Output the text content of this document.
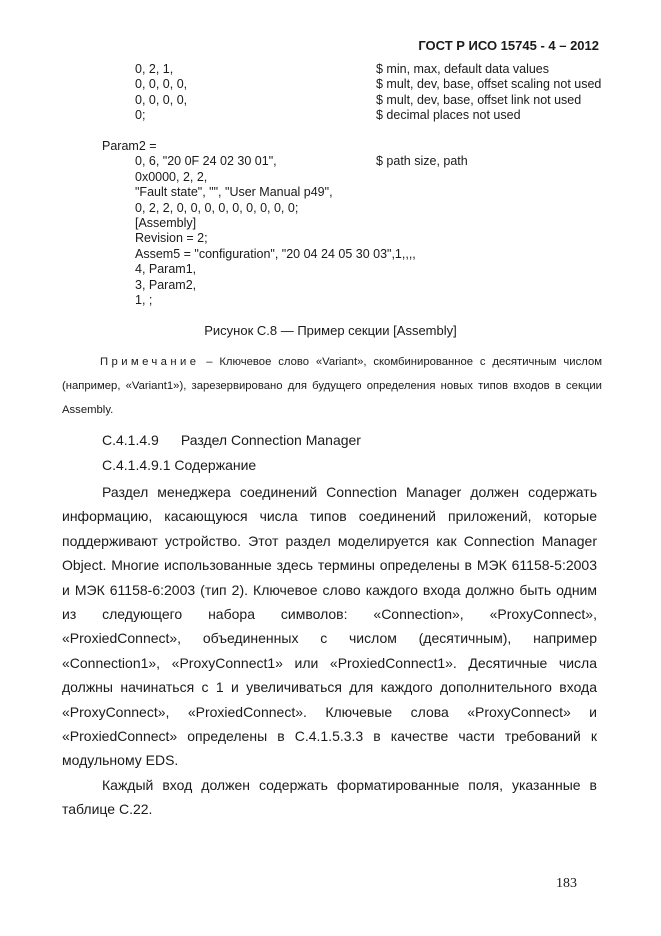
ГОСТ Р ИСО 15745 - 4 – 2012
0, 2, 1,	$ min, max, default data values
0, 0, 0, 0,	$ mult, dev, base, offset scaling not used
0, 0, 0, 0,	$ mult, dev, base, offset link not used
0;	$ decimal places not used
Param2 =
0, 6, "20 0F 24 02 30 01",	$ path size, path
0x0000, 2, 2,
"Fault state", "", "User Manual p49",
0, 2, 2, 0, 0, 0, 0, 0, 0, 0, 0, 0;
[Assembly]
Revision = 2;
Assem5 = "configuration", "20 04 24 05 30 03",1,,,,
4, Param1,
3, Param2,
1, ;
Рисунок C.8 — Пример секции [Assembly]

Примечание – Ключевое слово «Variant», скомбинированное с десятичным числом (например, «Variant1»), зарезервировано для будущего определения новых типов входов в секции Assembly.

C.4.1.4.9 Раздел Connection Manager
C.4.1.4.9.1 Содержание

Раздел менеджера соединений Connection Manager должен содержать информацию, касающуюся числа типов соединений приложений, которые поддерживают устройство. Этот раздел моделируется как Connection Manager Object. Многие использованные здесь термины определены в МЭК 61158-5:2003 и МЭК 61158-6:2003 (тип 2). Ключевое слово каждого входа должно быть одним из следующего набора символов: «Connection», «ProxyConnect», «ProxiedConnect», объединенных с числом (десятичным), например «Connection1», «ProxyConnect1» или «ProxiedConnect1». Десятичные числа должны начинаться с 1 и увеличиваться для каждого дополнительного входа «ProxyConnect», «ProxiedConnect». Ключевые слова «ProxyConnect» и «ProxiedConnect» определены в C.4.1.5.3.3 в качестве части требований к модульному EDS.

Каждый вход должен содержать форматированные поля, указанные в таблице C.22.

183
